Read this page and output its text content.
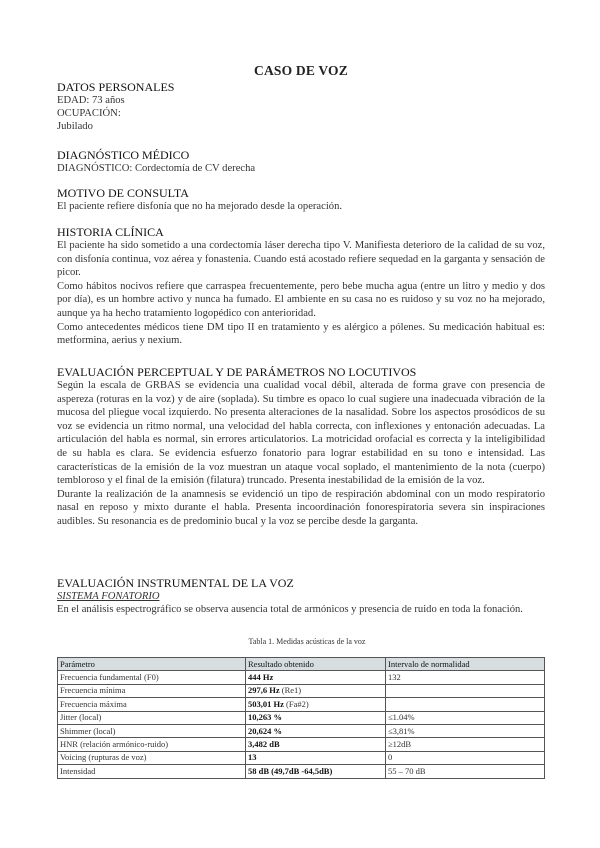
CASO DE VOZ

DATOS PERSONALES

EDAD: 73 años

OCUPACIÓN:

Jubilado

DIAGNÓSTICO MÉDICO

DIAGNÓSTICO: Cordectomía de CV derecha

MOTIVO DE CONSULTA

El paciente refiere disfonía que no ha mejorado desde la operación.

HISTORIA CLÍNICA

El paciente ha sido sometido a una cordectomía láser derecha tipo V. Manifiesta deterioro de la calidad de su voz, con disfonía continua, voz aérea y fonastenia. Cuando está acostado refiere sequedad en la garganta y sensación de picor.

Como hábitos nocivos refiere que carraspea frecuentemente, pero bebe mucha agua (entre un litro y medio y dos por día), es un hombre activo y nunca ha fumado. El ambiente en su casa no es ruidoso y su voz no ha mejorado, aunque ya ha hecho tratamiento logopédico con anterioridad.

Como antecedentes médicos tiene DM tipo II en tratamiento y es alérgico a pólenes. Su medicación habitual es: metformina, aerius y nexium.

EVALUACIÓN PERCEPTUAL Y DE PARÁMETROS NO LOCUTIVOS

Según la escala de GRBAS se evidencia una cualidad vocal débil, alterada de forma grave con presencia de aspereza (roturas en la voz) y de aire (soplada). Su timbre es opaco lo cual sugiere una inadecuada vibración de la mucosa del pliegue vocal izquierdo. No presenta alteraciones de la nasalidad. Sobre los aspectos prosódicos de su voz se evidencia un ritmo normal, una velocidad del habla correcta, con inflexiones y entonación adecuadas. La articulación del habla es normal, sin errores articulatorios. La motricidad orofacial es correcta y la inteligibilidad de su habla es clara. Se evidencia esfuerzo fonatorio para lograr estabilidad en su tono e intensidad. Las características de la emisión de la voz muestran un ataque vocal soplado, el mantenimiento de la nota (cuerpo) tembloroso y el final de la emisión (filatura) truncado. Presenta inestabilidad de la emisión de la voz.

Durante la realización de la anamnesis se evidenció un tipo de respiración abdominal con un modo respiratorio nasal en reposo y mixto durante el habla. Presenta incoordinación fonorespiratoria severa sin inspiraciones audibles. Su resonancia es de predominio bucal y la voz se percibe desde la garganta.

EVALUACIÓN INSTRUMENTAL DE LA VOZ

SISTEMA FONATORIO

En el análisis espectrográfico se observa ausencia total de armónicos y presencia de ruido en toda la fonación.

Tabla 1. Medidas acústicas de la voz
Parámetro	Resultado obtenido	Intervalo de normalidad
Frecuencia fundamental (F0)	444 Hz	132
Frecuencia mínima	297,6 Hz (Re1)	
Frecuencia máxima	503,01 Hz (Fa#2)	
Jitter (local)	10,263 %	≤1.04%
Shimmer (local)	20,624 %	≤3,81%
HNR (relación armónico-ruido)	3,482 dB	≥12dB
Voicing (rupturas de voz)	13	0
Intensidad	58 dB (49,7dB -64,5dB)	55 – 70 dB
